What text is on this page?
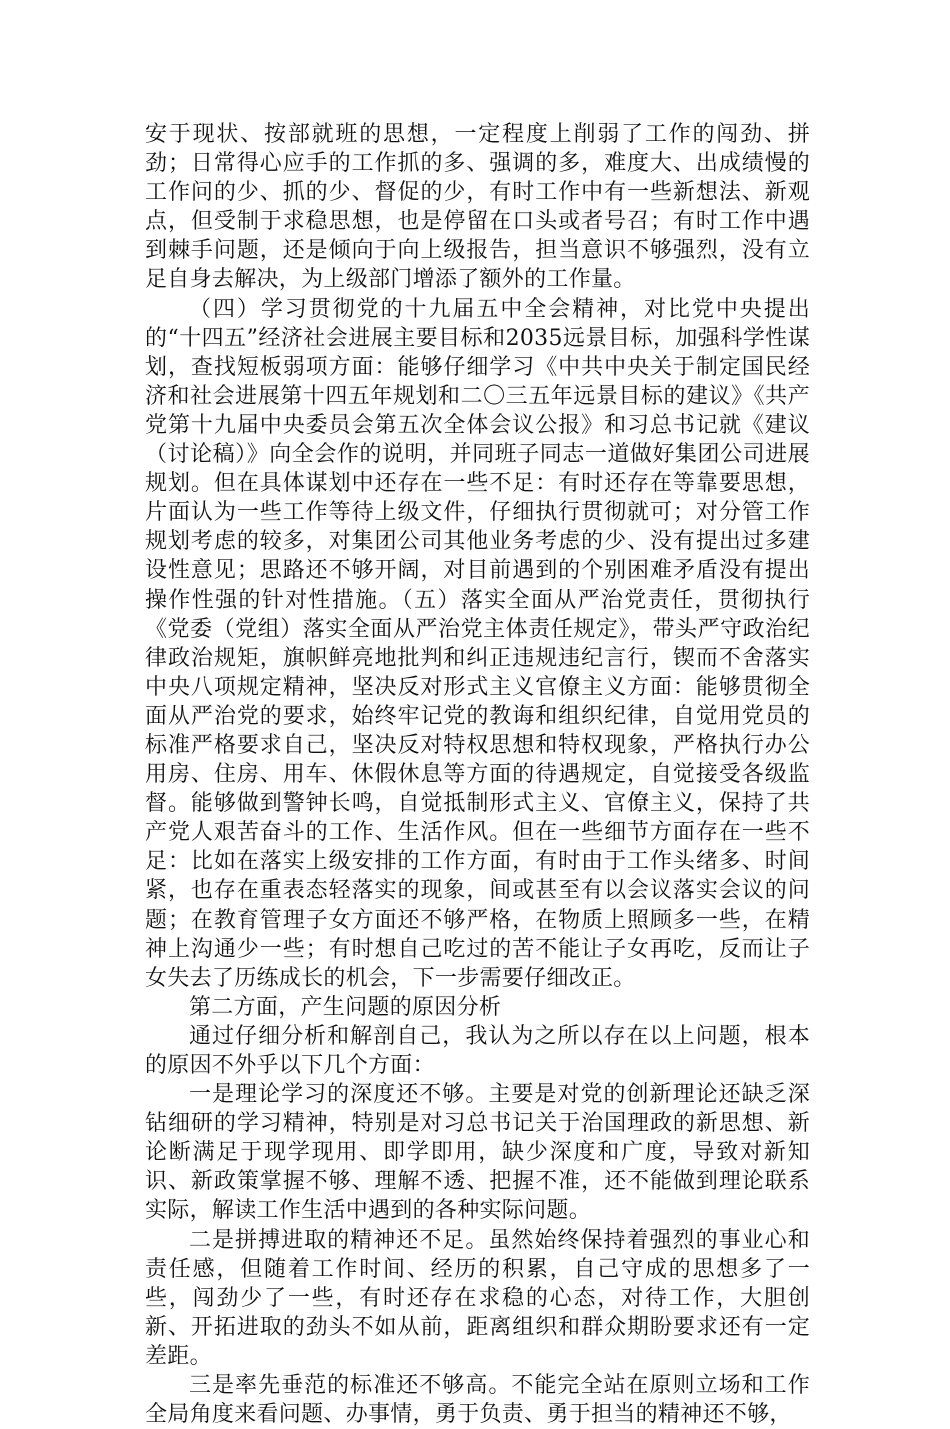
安于现状、按部就班的思想，一定程度上削弱了工作的闯劲、拼劲；日常得心应手的工作抓的多、强调的多，难度大、出成绩慢的工作问的少、抓的少、督促的少，有时工作中有一些新想法、新观点，但受制于求稳思想，也是停留在口头或者号召；有时工作中遇到棘手问题，还是倾向于向上级报告，担当意识不够强烈，没有立足自身去解决，为上级部门增添了额外的工作量。

（四）学习贯彻党的十九届五中全会精神，对比党中央提出的“十四五”经济社会进展主要目标和2035远景目标，加强科学性谋划，查找短板弱项方面：能够仔细学习《中共中央关于制定国民经济和社会进展第十四五年规划和二〇三五年远景目标的建议》《共产党第十九届中央委员会第五次全体会议公报》和习总书记就《建议（讨论稿）》向全会作的说明，并同班子同志一道做好集团公司进展规划。但在具体谋划中还存在一些不足：有时还存在等靠要思想，片面认为一些工作等待上级文件，仔细执行贯彻就可；对分管工作规划考虑的较多，对集团公司其他业务考虑的少、没有提出过多建设性意见；思路还不够开阔，对目前遇到的个别困难矛盾没有提出操作性强的针对性措施。（五）落实全面从严治党责任，贯彻执行《党委（党组）落实全面从严治党主体责任规定》，带头严守政治纪律政治规矩，旗帜鲜亮地批判和纠正违规违纪言行，锲而不舍落实中央八项规定精神，坚决反对形式主义官僚主义方面：能够贯彻全面从严治党的要求，始终牢记党的教诲和组织纪律，自觉用党员的标准严格要求自己，坚决反对特权思想和特权现象，严格执行办公用房、住房、用车、休假休息等方面的待遇规定，自觉接受各级监督。能够做到警钟长鸣，自觉抵制形式主义、官僚主义，保持了共产党人艰苦奋斗的工作、生活作风。但在一些细节方面存在一些不足：比如在落实上级安排的工作方面，有时由于工作头绪多、时间紧，也存在重表态轻落实的现象，间或甚至有以会议落实会议的问题；在教育管理子女方面还不够严格，在物质上照顾多一些，在精神上沟通少一些；有时想自己吃过的苦不能让子女再吃，反而让子女失去了历练成长的机会，下一步需要仔细改正。

第二方面，产生问题的原因分析

通过仔细分析和解剖自己，我认为之所以存在以上问题，根本的原因不外乎以下几个方面：

一是理论学习的深度还不够。主要是对党的创新理论还缺乏深钻细研的学习精神，特别是对习总书记关于治国理政的新思想、新论断满足于现学现用、即学即用，缺少深度和广度，导致对新知识、新政策掌握不够、理解不透、把握不准，还不能做到理论联系实际，解读工作生活中遇到的各种实际问题。

二是拼搏进取的精神还不足。虽然始终保持着强烈的事业心和责任感，但随着工作时间、经历的积累，自己守成的思想多了一些，闯劲少了一些，有时还存在求稳的心态，对待工作，大胆创新、开拓进取的劲头不如从前，距离组织和群众期盼要求还有一定差距。

三是率先垂范的标准还不够高。不能完全站在原则立场和工作全局角度来看问题、办事情，勇于负责、勇于担当的精神还不够，
